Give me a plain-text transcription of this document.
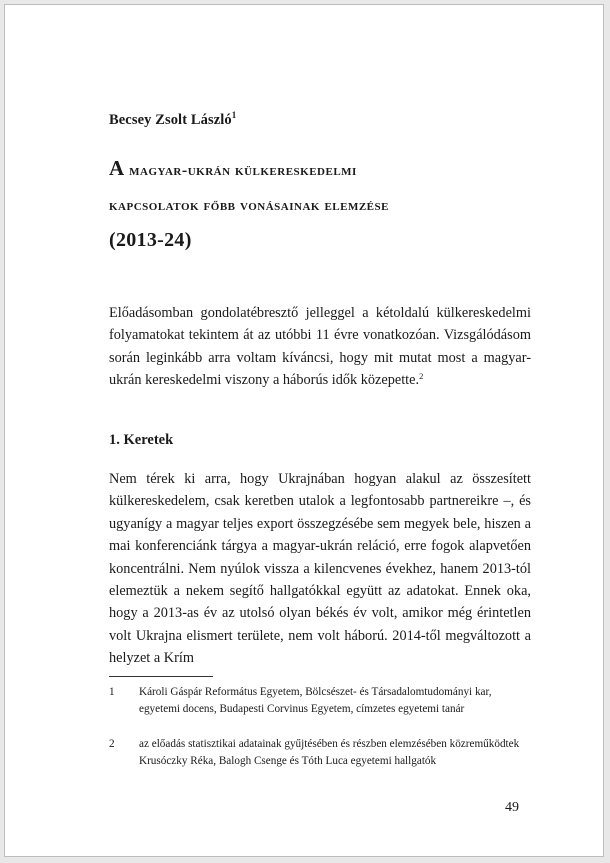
Becsey Zsolt László$^1$
A magyar-ukrán külkereskedelmi
kapcsolatok főbb vonásainak elemzése
(2013-24)

Előadásomban gondolatébresztő jelleggel a kétoldalú külkereskedelmi folyamatokat tekintem át az utóbbi 11 évre vonatkozóan. Vizsgálódásom során leginkább arra voltam kíváncsi, hogy mit mutat most a magyar-ukrán kereskedelmi viszony a háborús idők közepette.$^2$

1. Keretek

Nem térek ki arra, hogy Ukrajnában hogyan alakul az összesített külkereskedelem, csak keretben utalok a legfontosabb partnereikre –, és ugyanígy a magyar teljes export összegzésébe sem megyek bele, hiszen a mai konferenciánk tárgya a magyar-ukrán reláció, erre fogok alapvetően koncentrálni. Nem nyúlok vissza a kilencvenes évekhez, hanem 2013-tól elemeztük a nekem segítő hallgatókkal együtt az adatokat. Ennek oka, hogy a 2013-as év az utolsó olyan békés év volt, amikor még érintetlen volt Ukrajna elismert területe, nem volt háború. 2014-től megváltozott a helyzet a Krím

1	Károli Gáspár Református Egyetem, Bölcsészet- és Társadalomtudományi kar, egyetemi docens, Budapesti Corvinus Egyetem, címzetes egyetemi tanár
2	az előadás statisztikai adatainak gyűjtésében és részben elemzésében közreműködtek Krusóczky Réka, Balogh Csenge és Tóth Luca egyetemi hallgatók
49
